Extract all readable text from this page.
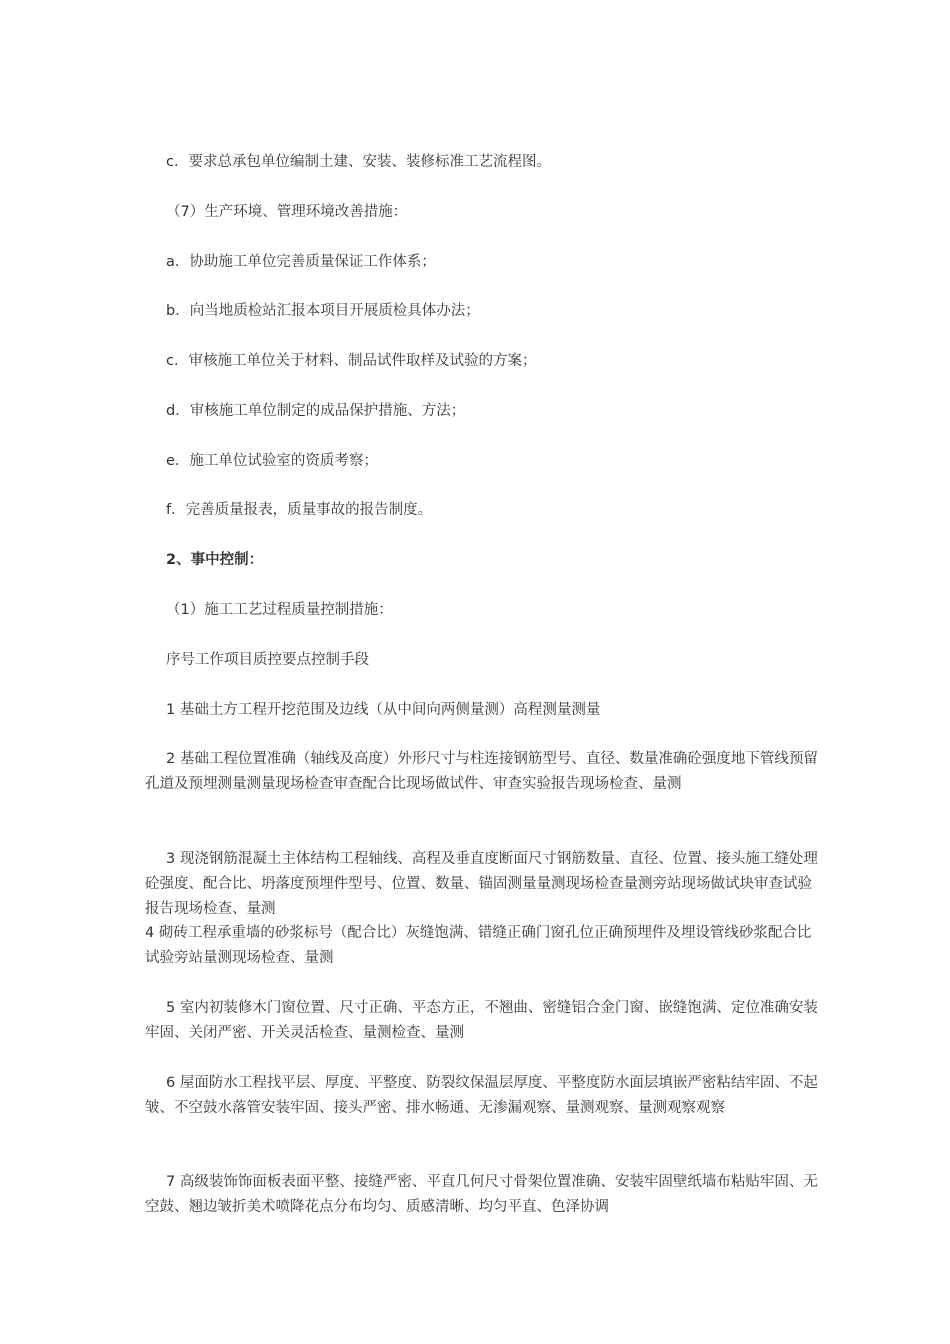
c．要求总承包单位编制土建、安装、装修标准工艺流程图。
（7）生产环境、管理环境改善措施：
a．协助施工单位完善质量保证工作体系；
b．向当地质检站汇报本项目开展质检具体办法；
c．审核施工单位关于材料、制品试件取样及试验的方案；
d．审核施工单位制定的成品保护措施、方法；
e．施工单位试验室的资质考察；
f．完善质量报表，质量事故的报告制度。
2、事中控制：
（1）施工工艺过程质量控制措施：
序号工作项目质控要点控制手段
1 基础土方工程开挖范围及边线（从中间向两侧量测）高程测量测量
2 基础工程位置准确（轴线及高度）外形尺寸与柱连接钢筋型号、直径、数量准确砼强度地下管线预留孔道及预埋测量测量现场检查审查配合比现场做试件、审查实验报告现场检查、量测
3 现浇钢筋混凝土主体结构工程轴线、高程及垂直度断面尺寸钢筋数量、直径、位置、接头施工缝处理砼强度、配合比、坍落度预埋件型号、位置、数量、锚固测量量测现场检查量测旁站现场做试块审查试验报告现场检查、量测
4 砌砖工程承重墙的砂浆标号（配合比）灰缝饱满、错缝正确门窗孔位正确预埋件及埋设管线砂浆配合比试验旁站量测现场检查、量测
5 室内初装修木门窗位置、尺寸正确、平态方正，不翘曲、密缝铝合金门窗、嵌缝饱满、定位准确安装牢固、关闭严密、开关灵活检查、量测检查、量测
6 屋面防水工程找平层、厚度、平整度、防裂纹保温层厚度、平整度防水面层填嵌严密粘结牢固、不起皱、不空鼓水落管安装牢固、接头严密、排水畅通、无渗漏观察、量测观察、量测观察观察
7 高级装饰饰面板表面平整、接缝严密、平直几何尺寸骨架位置准确、安装牢固壁纸墙布粘贴牢固、无空鼓、翘边皱折美术喷降花点分布均匀、质感清晰、均匀平直、色泽协调
